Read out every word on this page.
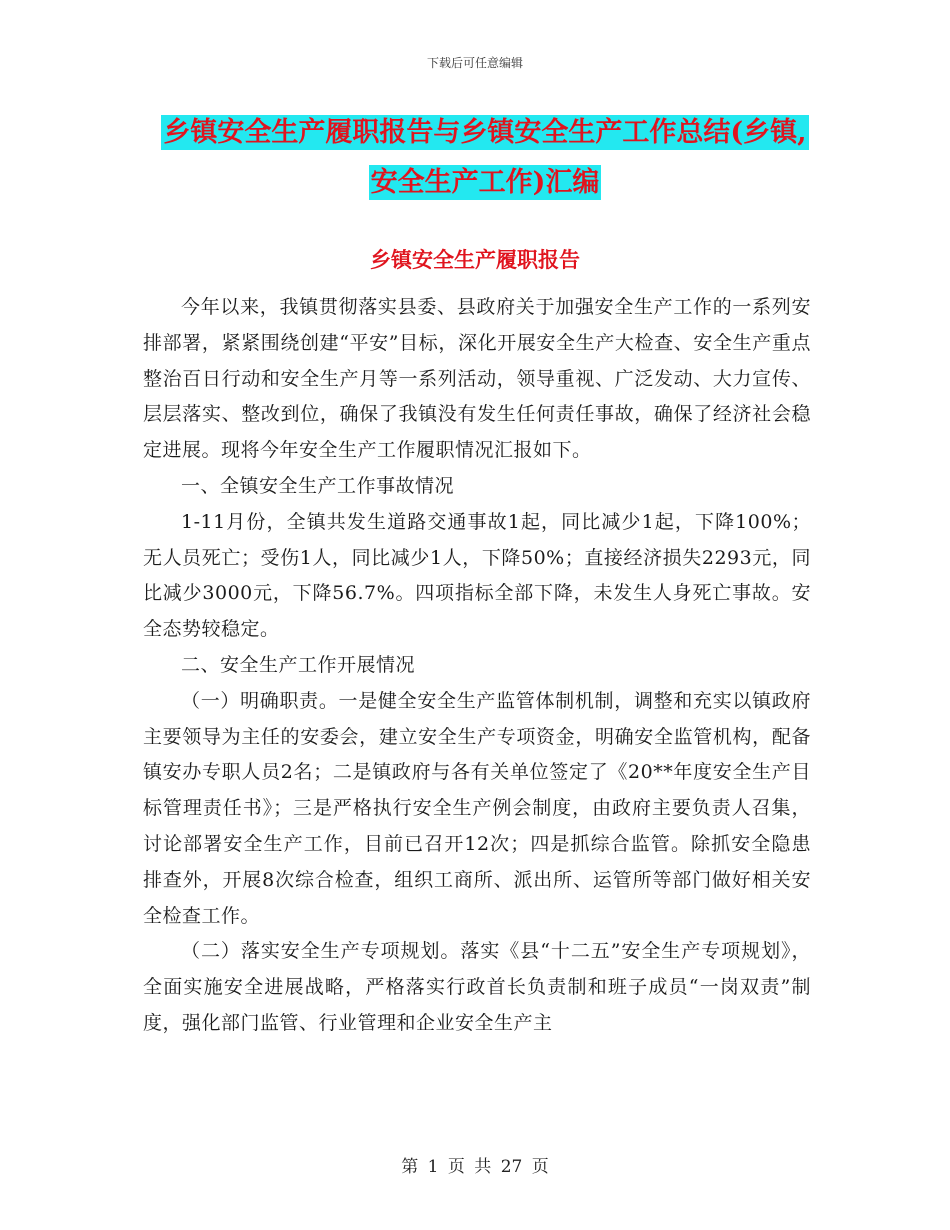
下载后可任意编辑
乡镇安全生产履职报告与乡镇安全生产工作总结(乡镇,
安全生产工作)汇编
乡镇安全生产履职报告

今年以来，我镇贯彻落实县委、县政府关于加强安全生产工作的一系列安排部署，紧紧围绕创建“平安”目标，深化开展安全生产大检查、安全生产重点整治百日行动和安全生产月等一系列活动，领导重视、广泛发动、大力宣传、层层落实、整改到位，确保了我镇没有发生任何责任事故，确保了经济社会稳定进展。现将今年安全生产工作履职情况汇报如下。

一、全镇安全生产工作事故情况

1-11月份，全镇共发生道路交通事故1起，同比减少1起，下降100%；无人员死亡；受伤1人，同比减少1人，下降50%；直接经济损失2293元，同比减少3000元，下降56.7%。四项指标全部下降，未发生人身死亡事故。安全态势较稳定。

二、安全生产工作开展情况

（一）明确职责。一是健全安全生产监管体制机制，调整和充实以镇政府主要领导为主任的安委会，建立安全生产专项资金，明确安全监管机构，配备镇安办专职人员2名；二是镇政府与各有关单位签定了《20**年度安全生产目标管理责任书》；三是严格执行安全生产例会制度，由政府主要负责人召集，讨论部署安全生产工作，目前已召开12次；四是抓综合监管。除抓安全隐患排查外，开展8次综合检查，组织工商所、派出所、运管所等部门做好相关安全检查工作。

（二）落实安全生产专项规划。落实《县“十二五”安全生产专项规划》，全面实施安全进展战略，严格落实行政首长负责制和班子成员“一岗双责”制度，强化部门监管、行业管理和企业安全生产主

第 1 页 共 27 页
